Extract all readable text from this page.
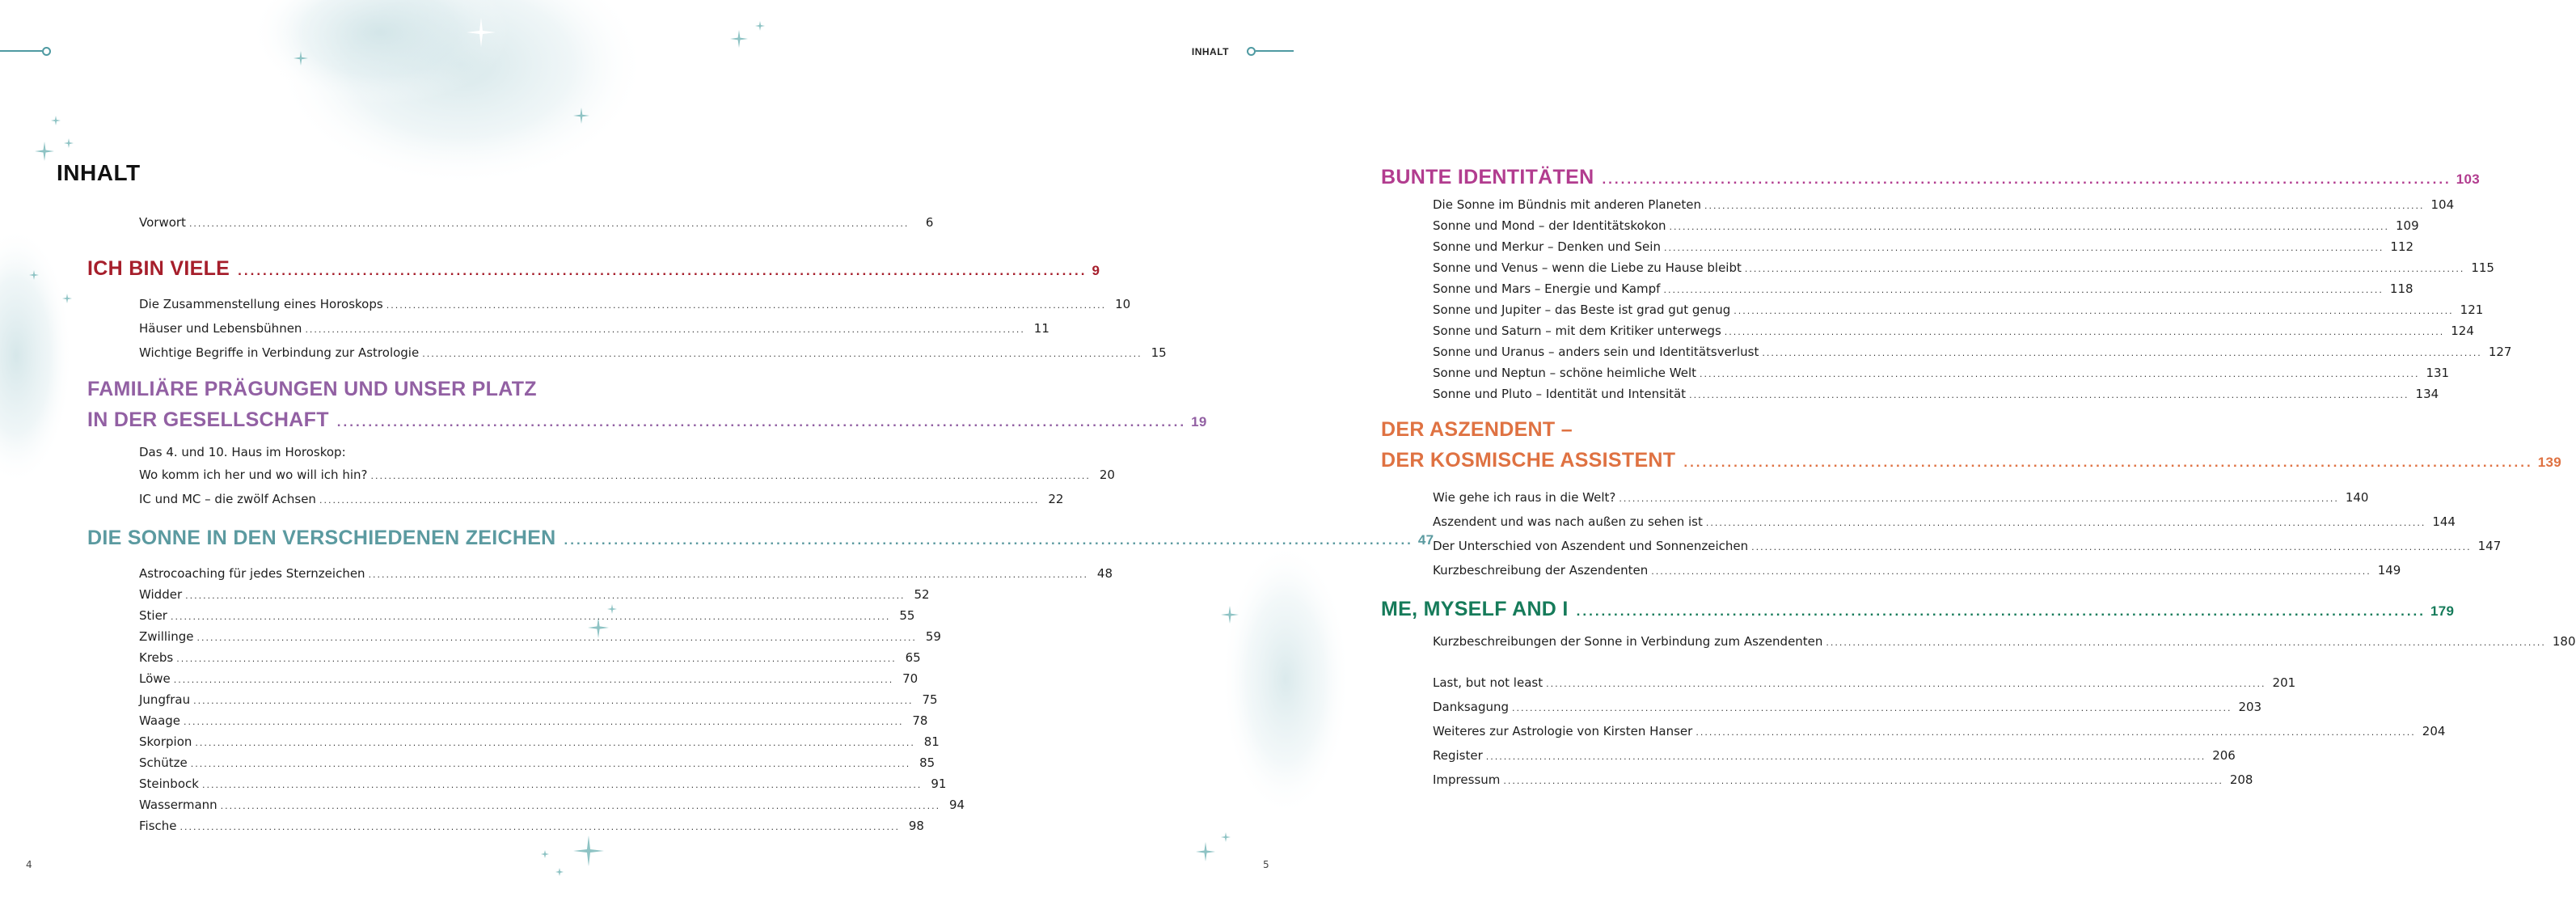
INHALT
Vorwort .....	6
ICH BIN VIELE .....	9
Die Zusammenstellung eines Horoskops .....	10
Häuser und Lebensbühnen .....	11
Wichtige Begriffe in Verbindung zur Astrologie .....	15
FAMILIÄRE PRÄGUNGEN UND UNSER PLATZ
IN DER GESELLSCHAFT .....	19
Das 4. und 10. Haus im Horoskop:
Wo komm ich her und wo will ich hin? .....	20
IC und MC – die zwölf Achsen .....	22
DIE SONNE IN DEN VERSCHIEDENEN ZEICHEN .....	47
Astrocoaching für jedes Sternzeichen .....	48
Widder .....	52
Stier .....	55
Zwillinge .....	59
Krebs .....	65
Löwe .....	70
Jungfrau .....	75
Waage .....	78
Skorpion .....	81
Schütze .....	85
Steinbock .....	91
Wassermann .....	94
Fische .....	98
4
INHALT
BUNTE IDENTITÄTEN .....	103
Die Sonne im Bündnis mit anderen Planeten .....	104
Sonne und Mond – der Identitätskokon .....	109
Sonne und Merkur – Denken und Sein .....	112
Sonne und Venus – wenn die Liebe zu Hause bleibt .....	115
Sonne und Mars – Energie und Kampf .....	118
Sonne und Jupiter – das Beste ist grad gut genug .....	121
Sonne und Saturn – mit dem Kritiker unterwegs .....	124
Sonne und Uranus – anders sein und Identitätsverlust .....	127
Sonne und Neptun – schöne heimliche Welt .....	131
Sonne und Pluto – Identität und Intensität .....	134
DER ASZENDENT –
DER KOSMISCHE ASSISTENT .....	139
Wie gehe ich raus in die Welt? .....	140
Aszendent und was nach außen zu sehen ist .....	144
Der Unterschied von Aszendent und Sonnenzeichen .....	147
Kurzbeschreibung der Aszendenten .....	149
ME, MYSELF AND I .....	179
Kurzbeschreibungen der Sonne in Verbindung zum Aszendenten .....	180
Last, but not least .....	201
Danksagung .....	203
Weiteres zur Astrologie von Kirsten Hanser .....	204
Register .....	206
Impressum .....	208
5
